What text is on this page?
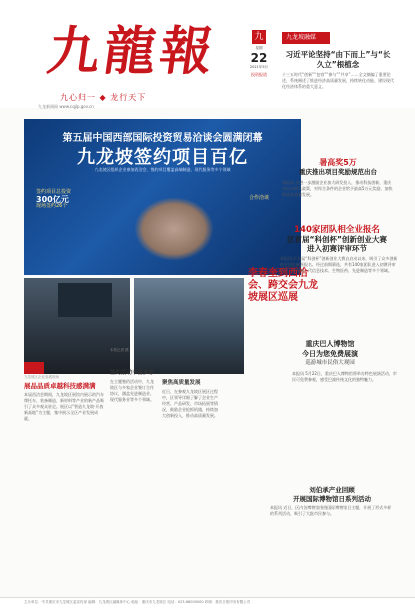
九龍報
九心归一 ◆ 龙行天下
九龙新闻网 www.cqjlp.gov.cn
九
星期
22
2021年5月
投资报道
九龙坡融媒
习近平论坚持“由下而上”与“长久立”根植念
十三五时代“创新”“包容”“参与”“共享”……全文摘编了重要论述，系统阐述了推进经济高质量发展、持续转化动能、建设现代化经济体系的重大意义。
第五届中国西部国际投资贸易洽谈会圆满闭幕
九龙坡签约项目百亿
九龙坡区组织企业参加西洽会，签约项目覆盖高端制造、现代服务等多个领域
签约项目总投资
300亿元
现场签约26个
合作洽谈
九龙坡区企业参展现场
本报记者 摄
李春奎到西洽会、跨交会九龙坡展区巡展
展品品质卓越科技感满满
本届西洽会期间，九龙坡区展馆内展示的汽车摩托车、装备制造、新材料等产业的新产品吸引了众多观众驻足。展区以“智造九龙坡·开放新高地”为主题，集中展示全区产业发展成就。
签约活动丰富多彩
在主题签约活动中，九龙坡区与多家企业签订合作协议，涵盖先进制造业、现代服务业等多个领域。
聚焦高质量发展
近日，在参观九龙坡区展区过程中，区领导详细了解了企业生产经营、产品研发、市场拓展等情况，鼓励企业抢抓机遇，持续加大创新投入，推动高质量发展。
暑高奖5万
重庆推出项目奖励规范出台
本报讯 为进一步激励企业加大研发投入，推动科技创新，重庆市出台相关政策，对符合条件的企业给予最高5万元奖励，加快推进高质量发展。
140家团队相全业报名
区首届“科创杯”创新创业大赛
进入初赛评审环节
本报讯 区首届“科创杯”创新创业大赛自启动以来，吸引了众多创新创业团队踊跃报名。经过前期筛选，共有140家团队进入初赛评审环节，涉及新一代信息技术、生物医药、先进制造等多个领域。
重庆巴人博物馆
今日为您免费展演
巡游城市民俗大观园
本报讯 5月22日，重庆巴人博物馆将举办特色展演活动，市民可免费参观，感受巴渝传统文化的独特魅力。
刘伯承产业回顾
开展国际博物馆日系列活动
本报讯 近日，区内各博物馆围绕国际博物馆日主题，开展了形式多样的系列活动，吸引了大批市民参与。
主办单位：中共重庆市九龙坡区委宣传部 编辑：九龙坡区融媒体中心 地址：重庆市九龙坡区 电话：023-68000000 印刷：重庆日报印务有限公司
